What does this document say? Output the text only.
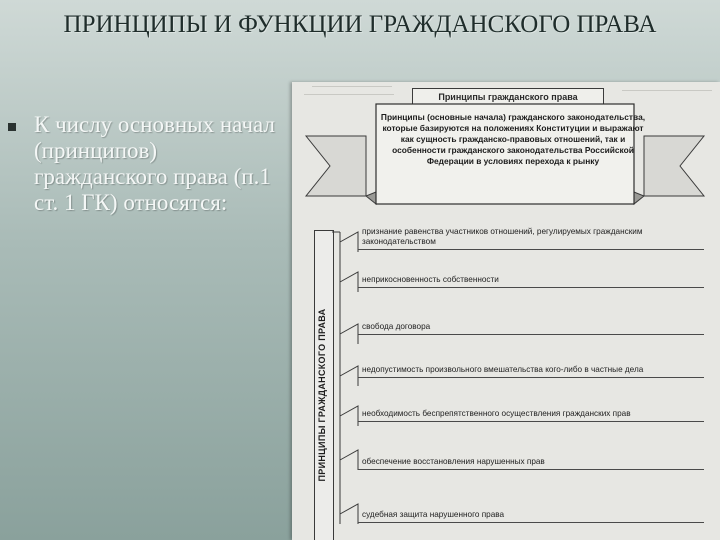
ПРИНЦИПЫ И ФУНКЦИИ ГРАЖДАНСКОГО ПРАВА
К числу основных начал (принципов) гражданского права (п.1 ст. 1 ГК) относятся:
Принципы гражданского права
Принципы (основные начала) гражданского законодательства, которые базируются на положениях Конституции и выражают как сущность гражданско-правовых отношений, так и особенности гражданского законодательства Российской Федерации в условиях перехода к рынку
ПРИНЦИПЫ ГРАЖДАНСКОГО ПРАВА
признание равенства участников отношений, регулируемых гражданским законодательством
неприкосновенность собственности
свобода договора
недопустимость произвольного вмешательства кого-либо в частные дела
необходимость беспрепятственного осуществления гражданских прав
обеспечение восстановления нарушенных прав
судебная защита нарушенного права
